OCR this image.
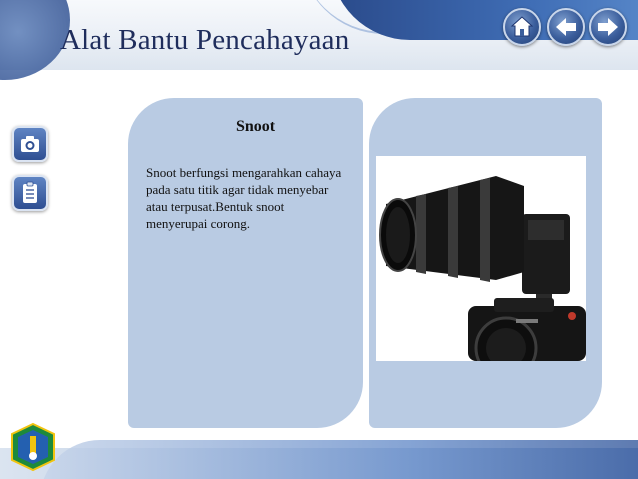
Alat Bantu Pencahayaan
Snoot
Snoot berfungsi mengarahkan cahaya pada satu titik agar tidak menyebar atau terpusat.Bentuk snoot menyerupai corong.
